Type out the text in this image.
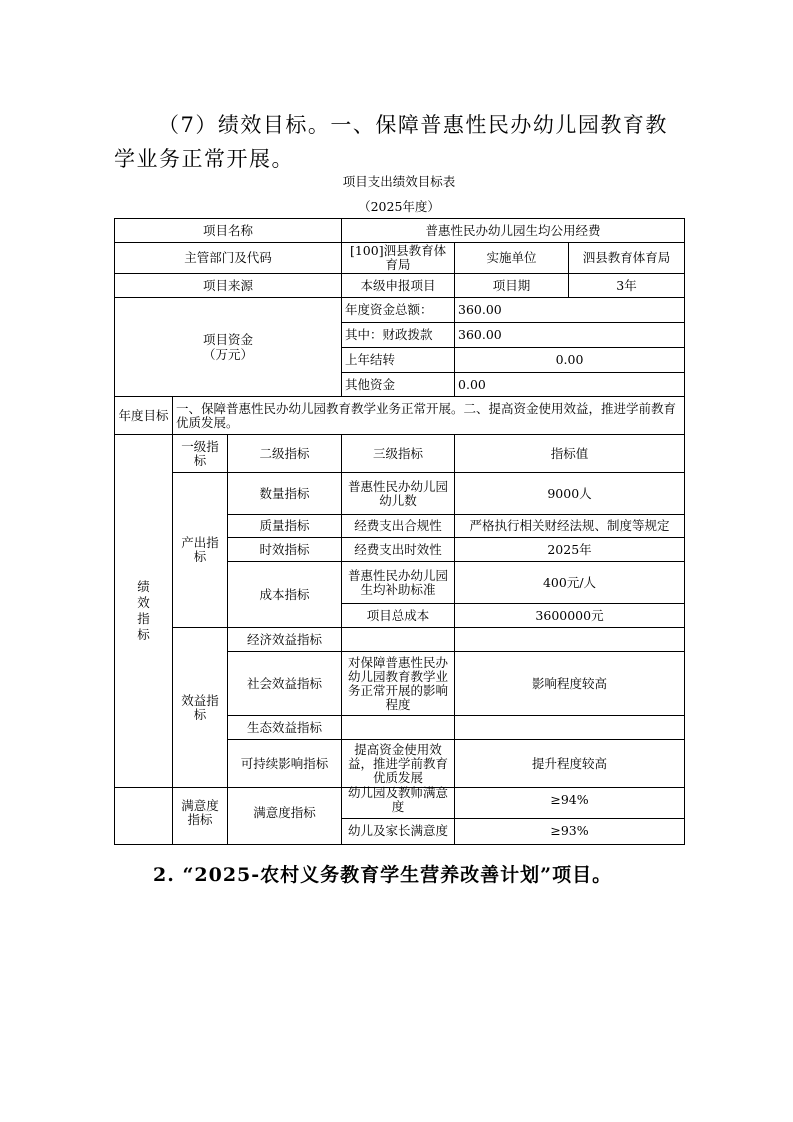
（7）绩效目标。一、保障普惠性民办幼儿园教育教学业务正常开展。

项目支出绩效目标表
（2025年度）
项目名称			普惠性民办幼儿园生均公用经费		
主管部门及代码			[100]泗县教育体育局	实施单位	泗县教育体育局
项目来源			本级申报项目	项目期	3年

项目资金
（万元）			年度资金总额：	360.00	
			其中：财政拨款	360.00	
			上年结转	0.00	
			其他资金	0.00	
年度目标	一、保障普惠性民办幼儿园教育教学业务正常开展。二、提高资金使用效益，推进学前教育优质发展。				
绩效指标	一级指标	二级指标	三级指标	指标值	
	产出指标	数量指标	普惠性民办幼儿园幼儿数	9000人	
		质量指标	经费支出合规性	严格执行相关财经法规、制度等规定	
		时效指标	经费支出时效性	2025年	
		成本指标	普惠性民办幼儿园生均补助标准	400元/人	
			项目总成本	3600000元	
	效益指标	经济效益指标			
		社会效益指标	对保障普惠性民办幼儿园教育教学业务正常开展的影响程度	影响程度较高	
		生态效益指标			
		可持续影响指标	提高资金使用效益，推进学前教育优质发展	提升程度较高	

	满意度指标	满意度指标	幼儿园及教师满意度	≥94%
			幼儿及家长满意度	≥93%

2. “2025-农村义务教育学生营养改善计划”项目。
